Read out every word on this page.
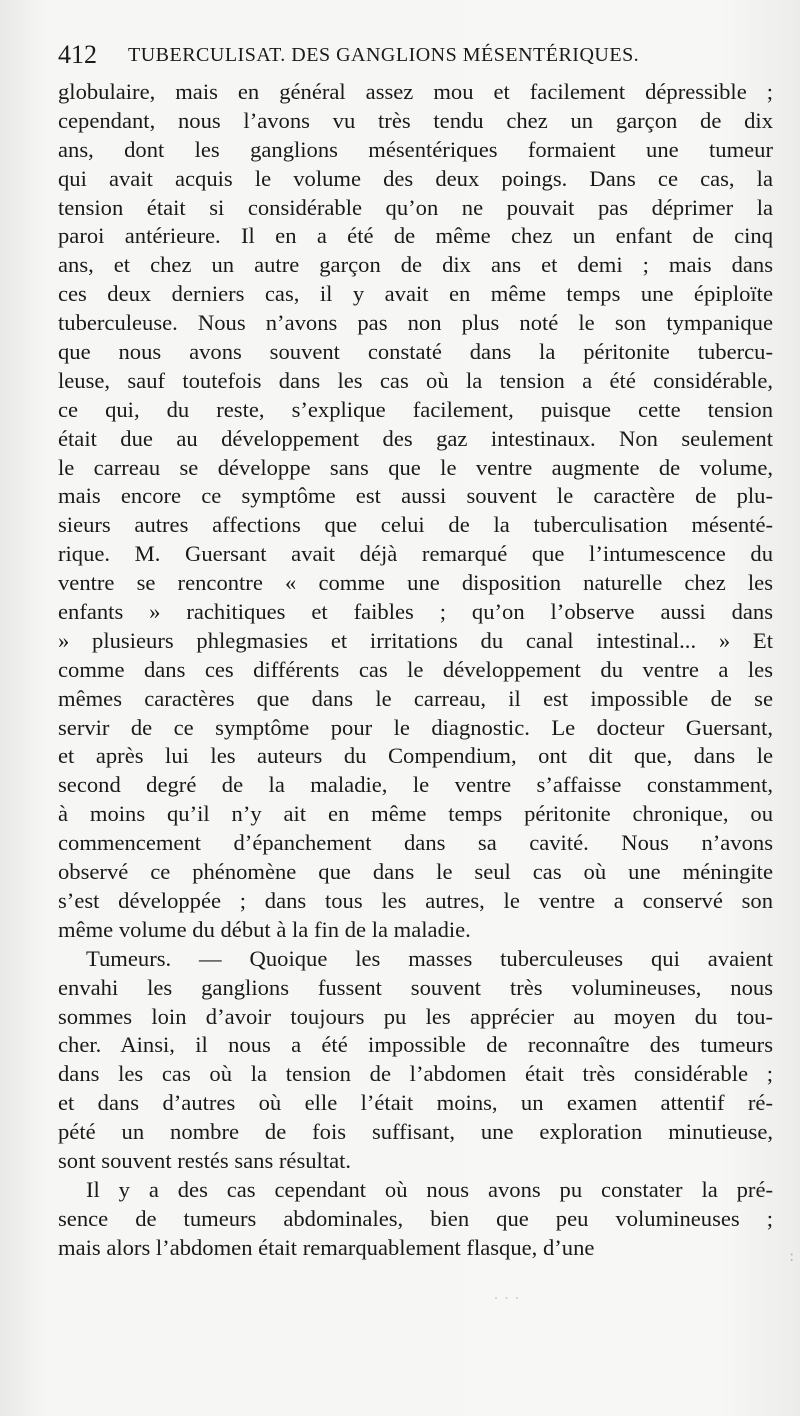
412 TUBERCULISAT. DES GANGLIONS MÉSENTÉRIQUES.
globulaire, mais en général assez mou et facilement dépressible ;
cependant, nous l’avons vu très tendu chez un garçon de dix
ans, dont les ganglions mésentériques formaient une tumeur
qui avait acquis le volume des deux poings. Dans ce cas, la
tension était si considérable qu’on ne pouvait pas déprimer la
paroi antérieure. Il en a été de même chez un enfant de cinq
ans, et chez un autre garçon de dix ans et demi ; mais dans
ces deux derniers cas, il y avait en même temps une épiploïte
tuberculeuse. Nous n’avons pas non plus noté le son tympanique
que nous avons souvent constaté dans la péritonite tubercu-
leuse, sauf toutefois dans les cas où la tension a été considérable,
ce qui, du reste, s’explique facilement, puisque cette tension
était due au développement des gaz intestinaux. Non seulement
le carreau se développe sans que le ventre augmente de volume,
mais encore ce symptôme est aussi souvent le caractère de plu-
sieurs autres affections que celui de la tuberculisation mésenté-
rique. M. Guersant avait déjà remarqué que l’intumescence du
ventre se rencontre « comme une disposition naturelle chez les
enfants » rachitiques et faibles ; qu’on l’observe aussi dans
» plusieurs phlegmasies et irritations du canal intestinal... » Et
comme dans ces différents cas le développement du ventre a les
mêmes caractères que dans le carreau, il est impossible de se
servir de ce symptôme pour le diagnostic. Le docteur Guersant,
et après lui les auteurs du Compendium, ont dit que, dans le
second degré de la maladie, le ventre s’affaisse constamment,
à moins qu’il n’y ait en même temps péritonite chronique, ou
commencement d’épanchement dans sa cavité. Nous n’avons
observé ce phénomène que dans le seul cas où une méningite
s’est développée ; dans tous les autres, le ventre a conservé son
même volume du début à la fin de la maladie.
Tumeurs. — Quoique les masses tuberculeuses qui avaient
envahi les ganglions fussent souvent très volumineuses, nous
sommes loin d’avoir toujours pu les apprécier au moyen du tou-
cher. Ainsi, il nous a été impossible de reconnaître des tumeurs
dans les cas où la tension de l’abdomen était très considérable ;
et dans d’autres où elle l’était moins, un examen attentif ré-
pété un nombre de fois suffisant, une exploration minutieuse,
sont souvent restés sans résultat.
Il y a des cas cependant où nous avons pu constater la pré-
sence de tumeurs abdominales, bien que peu volumineuses ;
mais alors l’abdomen était remarquablement flasque, d’une
· · ·
:
